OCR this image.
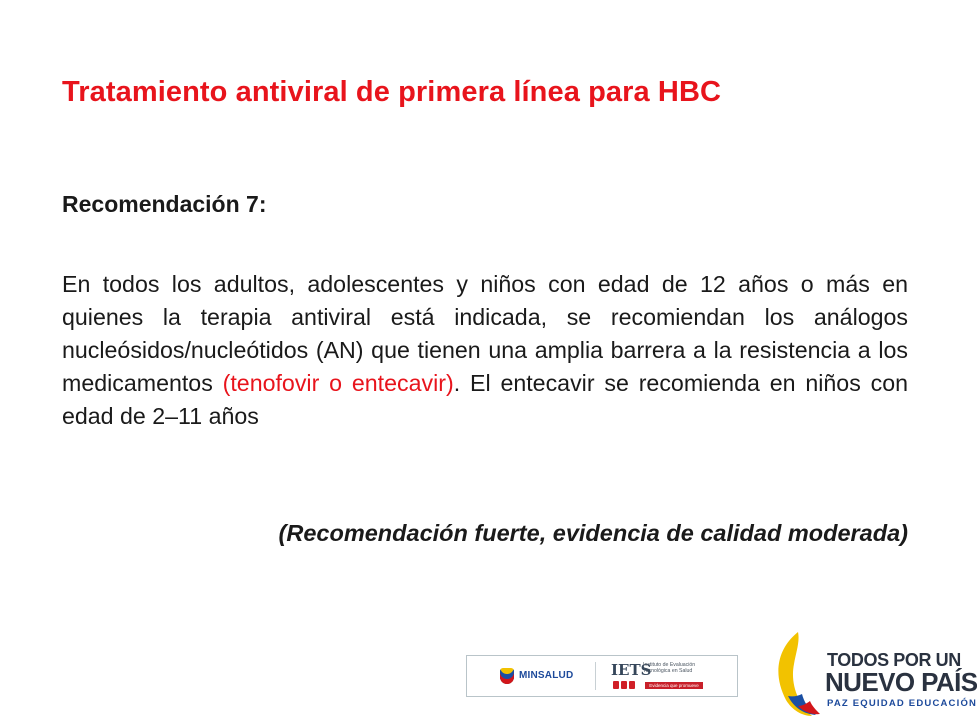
Tratamiento antiviral de primera línea para HBC
Recomendación 7:
En todos los adultos, adolescentes y niños con edad de 12 años o más en quienes la terapia antiviral está indicada, se recomiendan los análogos nucleósidos/nucleótidos (AN) que tienen una amplia barrera a la resistencia a los medicamentos (tenofovir o entecavir). El entecavir se recomienda en niños con edad de 2–11 años
(Recomendación fuerte, evidencia de calidad moderada)
MINSALUD	IETS
Instituto de Evaluación Tecnológica en Salud
Evidencia que promueve Confianza
TODOS POR UN
NUEVO PAÍS
PAZ EQUIDAD EDUCACIÓN
